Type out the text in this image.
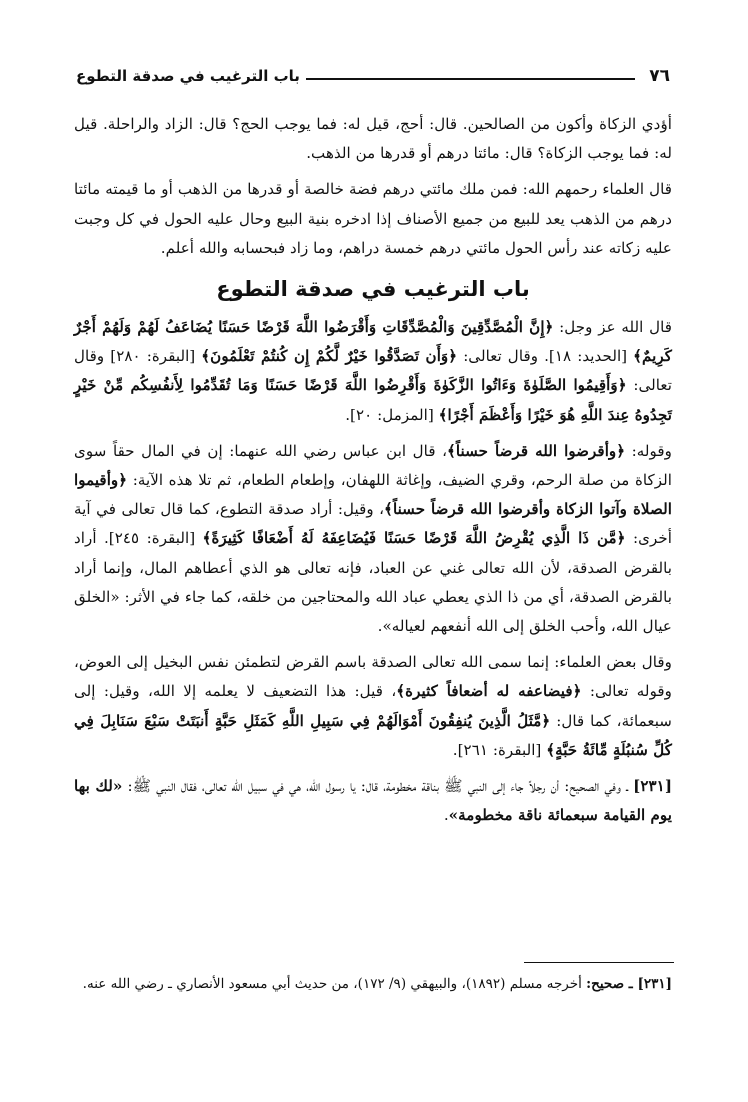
٧٦
باب الترغيب في صدقة التطوع

أؤدي الزكاة وأكون من الصالحين. قال: أحج، قيل له: فما يوجب الحج؟ قال: الزاد والراحلة. قيل له: فما يوجب الزكاة؟ قال: مائتا درهم أو قدرها من الذهب.

قال العلماء رحمهم الله: فمن ملك مائتي درهم فضة خالصة أو قدرها من الذهب أو ما قيمته مائتا درهم من الذهب يعد للبيع من جميع الأصناف إذا ادخره بنية البيع وحال عليه الحول في كل وجبت عليه زكاته عند رأس الحول مائتي درهم خمسة دراهم، وما زاد فبحسابه والله أعلم.

باب الترغيب في صدقة التطوع

قال الله عز وجل: ﴿إِنَّ الْمُصَّدِّقِينَ وَالْمُصَّدِّقَاتِ وَأَقْرَضُوا اللَّهَ قَرْضًا حَسَنًا يُضَاعَفُ لَهُمْ وَلَهُمْ أَجْرٌ كَرِيمٌ﴾ [الحديد: ١٨]. وقال تعالى: ﴿وَأَن تَصَدَّقُوا خَيْرٌ لَّكُمْ إِن كُنتُمْ تَعْلَمُونَ﴾ [البقرة: ٢٨٠] وقال تعالى: ﴿وَأَقِيمُوا الصَّلَوٰةَ وَءَاتُوا الزَّكَوٰةَ وَأَقْرِضُوا اللَّهَ قَرْضًا حَسَنًا وَمَا تُقَدِّمُوا لِأَنفُسِكُم مِّنْ خَيْرٍ تَجِدُوهُ عِندَ اللَّهِ هُوَ خَيْرًا وَأَعْظَمَ أَجْرًا﴾ [المزمل: ٢٠].

وقوله: ﴿وأقرضوا الله قرضاً حسناً﴾، قال ابن عباس رضي الله عنهما: إن في المال حقاً سوى الزكاة من صلة الرحم، وقري الضيف، وإغاثة اللهفان، وإطعام الطعام، ثم تلا هذه الآية: ﴿وأقيموا الصلاة وآتوا الزكاة وأقرضوا الله قرضاً حسناً﴾، وقيل: أراد صدقة التطوع، كما قال تعالى في آية أخرى: ﴿مَّن ذَا الَّذِي يُقْرِضُ اللَّهَ قَرْضًا حَسَنًا فَيُضَاعِفَهُ لَهُ أَضْعَافًا كَثِيرَةً﴾ [البقرة: ٢٤٥]. أراد بالقرض الصدقة، لأن الله تعالى غني عن العباد، فإنه تعالى هو الذي أعطاهم المال، وإنما أراد بالقرض الصدقة، أي من ذا الذي يعطي عباد الله والمحتاجين من خلقه، كما جاء في الأثر: «الخلق عيال الله، وأحب الخلق إلى الله أنفعهم لعياله».

وقال بعض العلماء: إنما سمى الله تعالى الصدقة باسم القرض لتطمئن نفس البخيل إلى العوض، وقوله تعالى: ﴿فيضاعفه له أضعافاً كثيرة﴾، قيل: هذا التضعيف لا يعلمه إلا الله، وقيل: إلى سبعمائة، كما قال: ﴿مَّثَلُ الَّذِينَ يُنفِقُونَ أَمْوَالَهُمْ فِي سَبِيلِ اللَّهِ كَمَثَلِ حَبَّةٍ أَنبَتَتْ سَبْعَ سَنَابِلَ فِي كُلِّ سُنبُلَةٍ مِّائَةُ حَبَّةٍ﴾ [البقرة: ٢٦١].

[٢٣١] ـ وفي الصحيح: أن رجلاً جاء إلى النبي ﷺ بناقة مخطومة، قال: يا رسول الله، هي في سبيل الله تعالى، فقال النبي ﷺ: «لك بها يوم القيامة سبعمائة ناقة مخطومة».

[٢٣١] ـ صحيح: أخرجه مسلم (١٨٩٢)، والبيهقي (٩/ ١٧٢)، من حديث أبي مسعود الأنصاري ـ رضي الله عنه.
